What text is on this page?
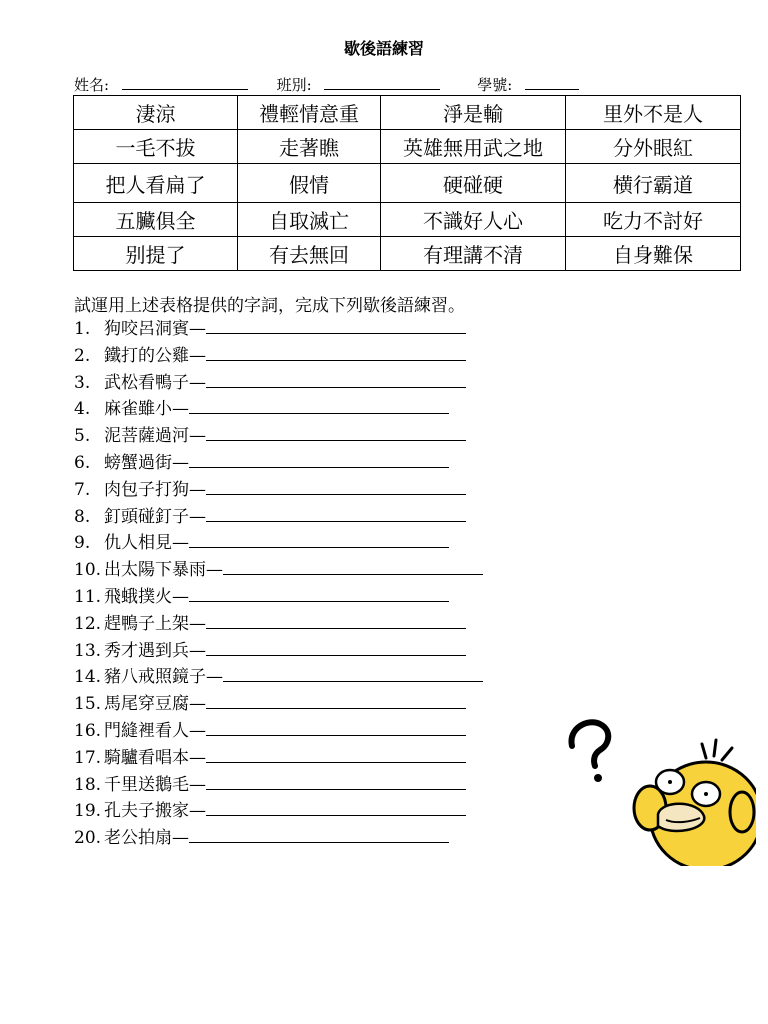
歇後語練習
姓名:	班別:	學號:
淒涼	禮輕情意重	淨是輸	里外不是人
一毛不拔	走著瞧	英雄無用武之地	分外眼紅
把人看扁了	假情	硬碰硬	横行霸道
五臟俱全	自取滅亡	不識好人心	吃力不討好
别提了	有去無回	有理講不清	自身難保
試運用上述表格提供的字詞，完成下列歇後語練習。
1. 狗咬呂洞賓—
2. 鐵打的公雞—
3. 武松看鴨子—
4. 麻雀雖小—
5. 泥菩薩過河—
6. 螃蟹過街—
7. 肉包子打狗—
8. 釘頭碰釘子—
9. 仇人相見—
10. 出太陽下暴雨—
11. 飛蛾撲火—
12. 趕鴨子上架—
13. 秀才遇到兵—
14. 豬八戒照鏡子—
15. 馬尾穿豆腐—
16. 門縫裡看人—
17. 騎驢看唱本—
18. 千里送鵝毛—
19. 孔夫子搬家—
20. 老公拍扇—
